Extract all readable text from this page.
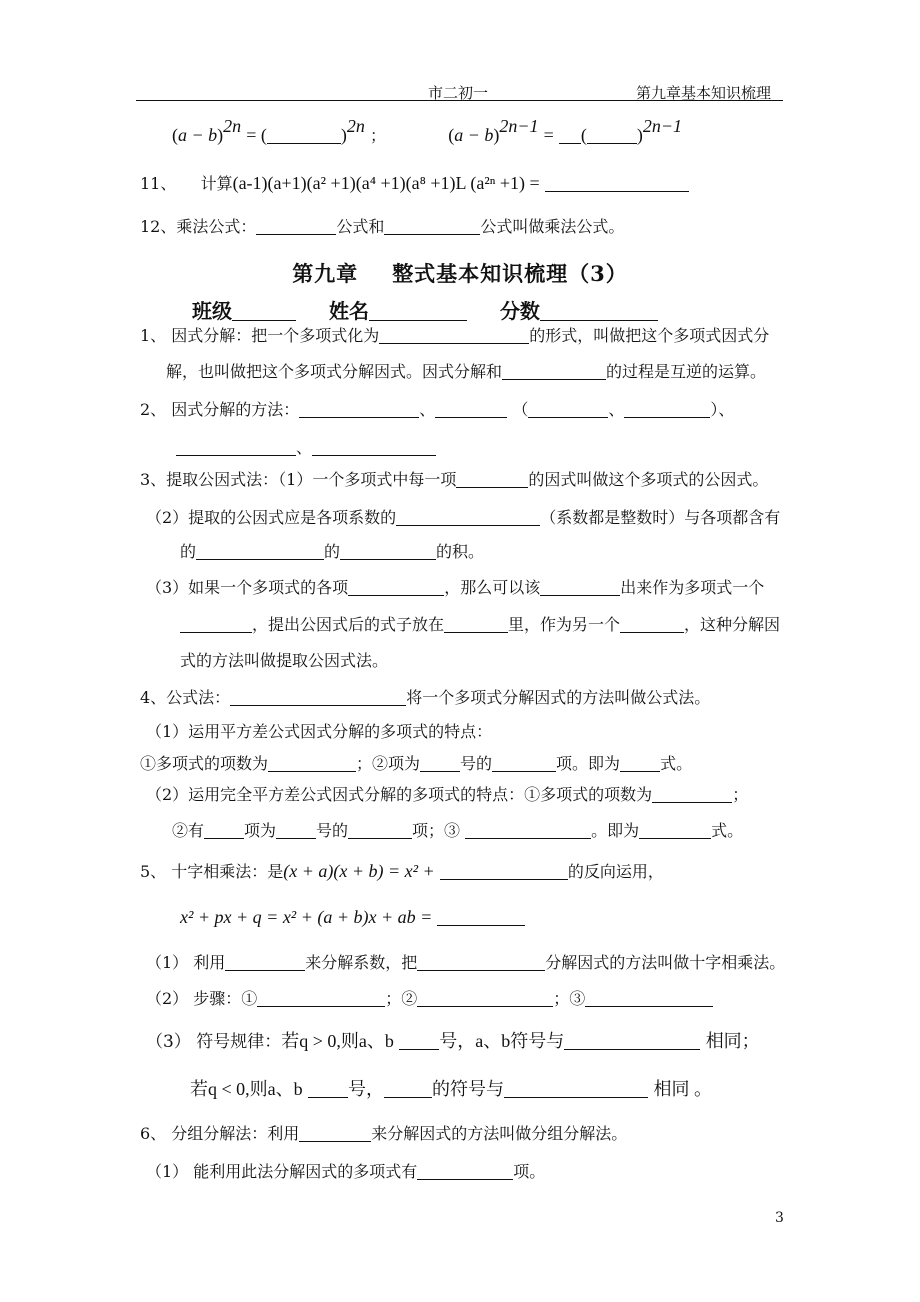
市二初一	第九章基本知识梳理
$(a - b)^{2n}$ = (	)$^{2n}$ ；	$(a - b)^{2n-1}$ = (	)$^{2n-1}$
11、 计算(a-1)(a+1)(a² +1)(a⁴ +1)(a⁸ +1)L (a²ⁿ +1) =
12、乘法公式：	公式和	公式叫做乘法公式。
第九章 整式基本知识梳理（3）
班级	姓名	分数
1、 因式分解：把一个多项式化为	的形式，叫做把这个多项式因式分
解，也叫做把这个多项式分解因式。因式分解和	的过程是互逆的运算。
2、 因式分解的方法：	、	（	、	）、
、
3、提取公因式法：（1）一个多项式中每一项	的因式叫做这个多项式的公因式。
（2）提取的公因式应是各项系数的	（系数都是整数时）与各项都含有
的	的	的积。
（3）如果一个多项式的各项	，那么可以该	出来作为多项式一个
，提出公因式后的式子放在	里，作为另一个	，这种分解因
式的方法叫做提取公因式法。
4、公式法：	将一个多项式分解因式的方法叫做公式法。
（1）运用平方差公式因式分解的多项式的特点：
①多项式的项数为	；②项为	号的	项。即为	式。
（2）运用完全平方差公式因式分解的多项式的特点：①多项式的项数为	；
②有	项为	号的	项；③	。即为	式。
5、 十字相乘法：是(x + a)(x + b) = x² +	的反向运用，
x² + px + q = x² + (a + b)x + ab =
（1） 利用	来分解系数，把	分解因式的方法叫做十字相乘法。
（2） 步骤：①	；②	；③
（3） 符号规律：若q > 0,则a、b	号，a、b符号与	相同；
若q < 0,则a、b	号，	的符号与	相同 。
6、 分组分解法：利用	来分解因式的方法叫做分组分解法。
（1） 能利用此法分解因式的多项式有	项。
3
